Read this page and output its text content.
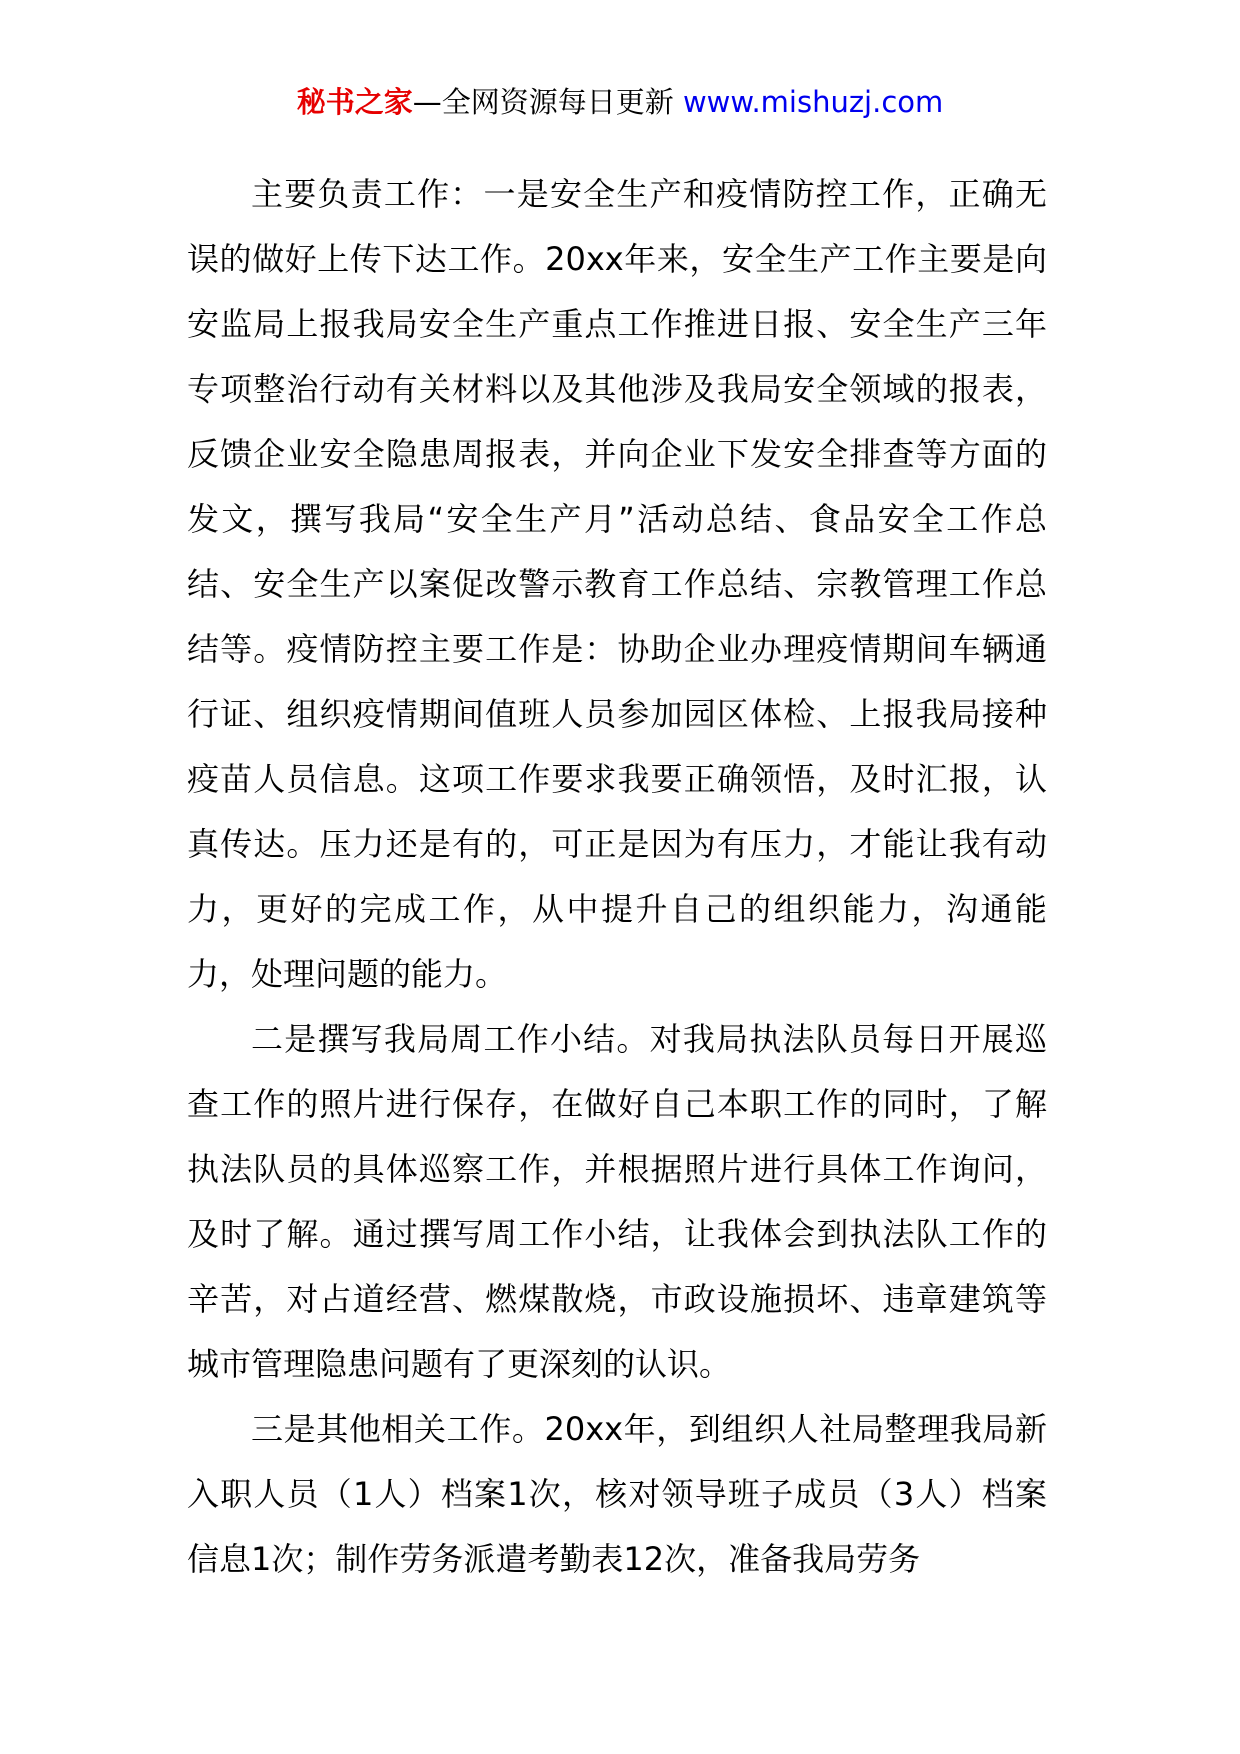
秘书之家—全网资源每日更新 www.mishuzj.com

主要负责工作：一是安全生产和疫情防控工作，正确无误的做好上传下达工作。20xx年来，安全生产工作主要是向安监局上报我局安全生产重点工作推进日报、安全生产三年专项整治行动有关材料以及其他涉及我局安全领域的报表，反馈企业安全隐患周报表，并向企业下发安全排查等方面的发文，撰写我局“安全生产月”活动总结、食品安全工作总结、安全生产以案促改警示教育工作总结、宗教管理工作总结等。疫情防控主要工作是：协助企业办理疫情期间车辆通行证、组织疫情期间值班人员参加园区体检、上报我局接种疫苗人员信息。这项工作要求我要正确领悟，及时汇报，认真传达。压力还是有的，可正是因为有压力，才能让我有动力，更好的完成工作，从中提升自己的组织能力，沟通能力，处理问题的能力。

二是撰写我局周工作小结。对我局执法队员每日开展巡查工作的照片进行保存，在做好自己本职工作的同时，了解执法队员的具体巡察工作，并根据照片进行具体工作询问，及时了解。通过撰写周工作小结，让我体会到执法队工作的辛苦，对占道经营、燃煤散烧，市政设施损坏、违章建筑等城市管理隐患问题有了更深刻的认识。

三是其他相关工作。20xx年，到组织人社局整理我局新入职人员（1人）档案1次，核对领导班子成员（3人）档案信息1次；制作劳务派遣考勤表12次，准备我局劳务
